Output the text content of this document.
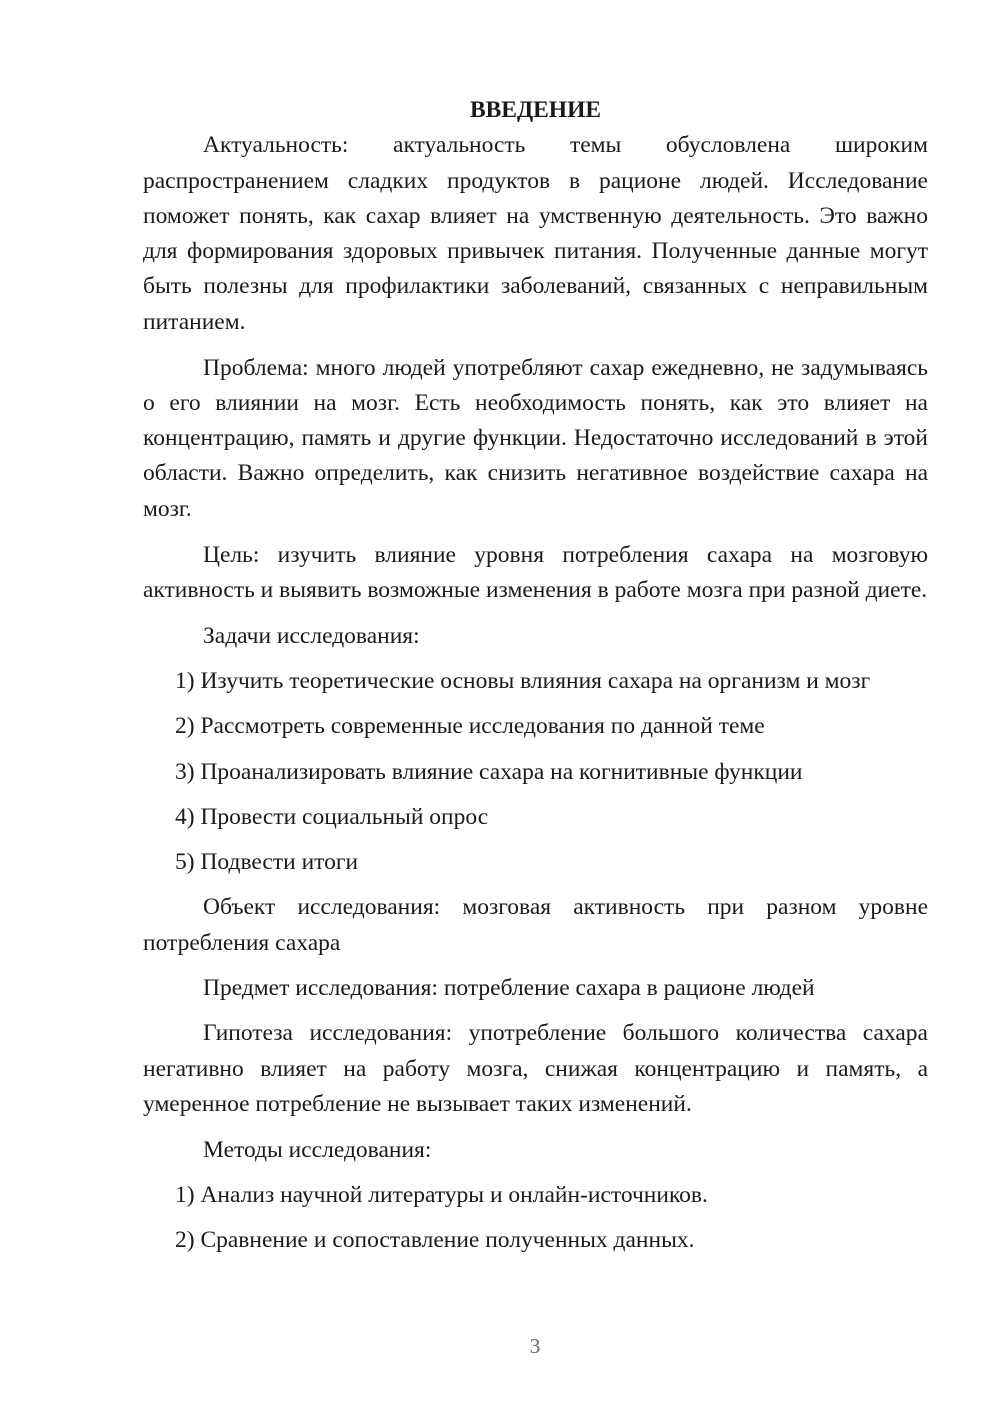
ВВЕДЕНИЕ

Актуальность: актуальность темы обусловлена широким распространением сладких продуктов в рационе людей. Исследование поможет понять, как сахар влияет на умственную деятельность. Это важно для формирования здоровых привычек питания. Полученные данные могут быть полезны для профилактики заболеваний, связанных с неправильным питанием.

Проблема: много людей употребляют сахар ежедневно, не задумываясь о его влиянии на мозг. Есть необходимость понять, как это влияет на концентрацию, память и другие функции. Недостаточно исследований в этой области. Важно определить, как снизить негативное воздействие сахара на мозг.

Цель: изучить влияние уровня потребления сахара на мозговую активность и выявить возможные изменения в работе мозга при разной диете.

Задачи исследования:

1) Изучить теоретические основы влияния сахара на организм и мозг

2) Рассмотреть современные исследования по данной теме

3) Проанализировать влияние сахара на когнитивные функции

4) Провести социальный опрос

5) Подвести итоги

Объект исследования: мозговая активность при разном уровне потребления сахара

Предмет исследования: потребление сахара в рационе людей

Гипотеза исследования: употребление большого количества сахара негативно влияет на работу мозга, снижая концентрацию и память, а умеренное потребление не вызывает таких изменений.

Методы исследования:

1) Анализ научной литературы и онлайн-источников.

2) Сравнение и сопоставление полученных данных.

3
